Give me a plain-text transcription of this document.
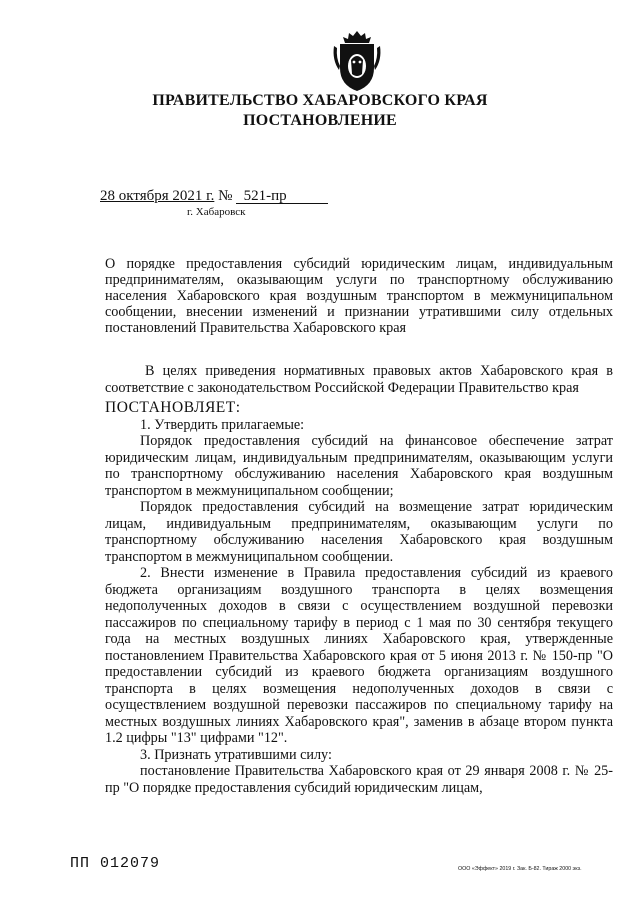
ПРАВИТЕЛЬСТВО ХАБАРОВСКОГО КРАЯ
ПОСТАНОВЛЕНИЕ
28 октября 2021 г. № 521-пр
г. Хабаровск
О порядке предоставления субсидий юридическим лицам, индивидуальным предпринимателям, оказывающим услуги по транспортному обслуживанию населения Хабаровского края воздушным транспортом в межмуниципальном сообщении, внесении изменений и признании утратившими силу отдельных постановлений Правительства Хабаровского края

В целях приведения нормативных правовых актов Хабаровского края в соответствие с законодательством Российской Федерации Правительство края

ПОСТАНОВЛЯЕТ:

1. Утвердить прилагаемые:

Порядок предоставления субсидий на финансовое обеспечение затрат юридическим лицам, индивидуальным предпринимателям, оказывающим услуги по транспортному обслуживанию населения Хабаровского края воздушным транспортом в межмуниципальном сообщении;

Порядок предоставления субсидий на возмещение затрат юридическим лицам, индивидуальным предпринимателям, оказывающим услуги по транспортному обслуживанию населения Хабаровского края воздушным транспортом в межмуниципальном сообщении.

2. Внести изменение в Правила предоставления субсидий из краевого бюджета организациям воздушного транспорта в целях возмещения недополученных доходов в связи с осуществлением воздушной перевозки пассажиров по специальному тарифу в период с 1 мая по 30 сентября текущего года на местных воздушных линиях Хабаровского края, утвержденные постановлением Правительства Хабаровского края от 5 июня 2013 г. № 150-пр "О предоставлении субсидий из краевого бюджета организациям воздушного транспорта в целях возмещения недополученных доходов в связи с осуществлением воздушной перевозки пассажиров по специальному тарифу на местных воздушных линиях Хабаровского края", заменив в абзаце втором пункта 1.2 цифры "13" цифрами "12".

3. Признать утратившими силу:

постановление Правительства Хабаровского края от 29 января 2008 г. № 25-пр "О порядке предоставления субсидий юридическим лицам,

ПП 012079	ООО «Эффект» 2019 г. Зак. Б-82. Тираж 2000 экз.
